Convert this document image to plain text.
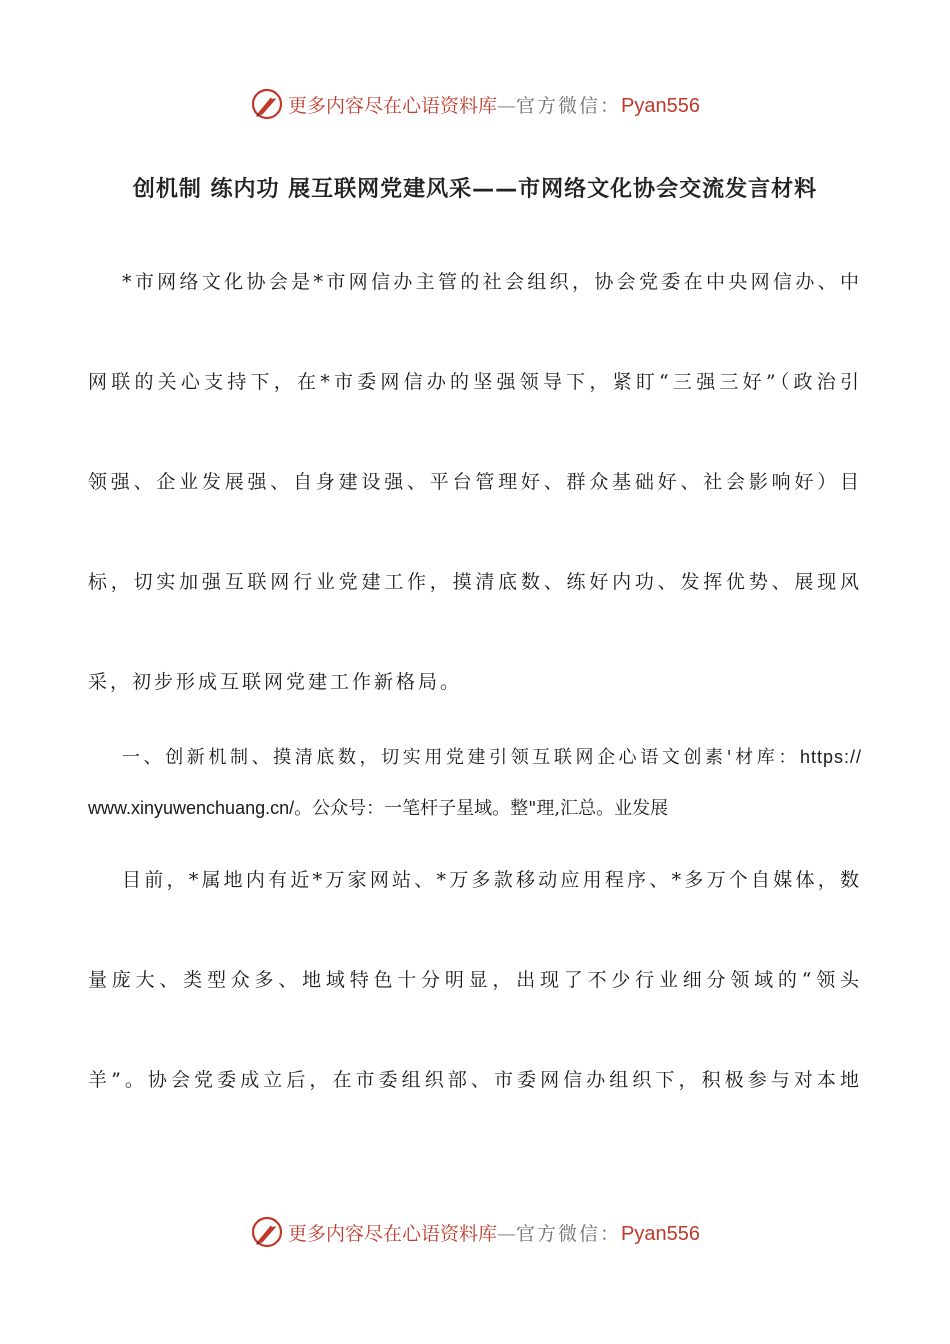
更多内容尽在心语资料库—官方微信：Pyan556
创机制 练内功 展互联网党建风采——市网络文化协会交流发言材料
*市网络文化协会是*市网信办主管的社会组织，协会党委在中央网信办、中
网联的关心支持下，在*市委网信办的坚强领导下，紧盯“三强三好”（政治引
领强、企业发展强、自身建设强、平台管理好、群众基础好、社会影响好）目
标，切实加强互联网行业党建工作，摸清底数、练好内功、发挥优势、展现风
采，初步形成互联网党建工作新格局。
一、创新机制、摸清底数，切实用党建引领互联网企心语文创素'材库：https://
www.xinyuwenchuang.cn/。公众号：一笔杆子星域。整"理,汇总。业发展
目前，*属地内有近*万家网站、*万多款移动应用程序、*多万个自媒体，数
量庞大、类型众多、地域特色十分明显，出现了不少行业细分领域的“领头
羊”。协会党委成立后，在市委组织部、市委网信办组织下，积极参与对本地
更多内容尽在心语资料库—官方微信：Pyan556
